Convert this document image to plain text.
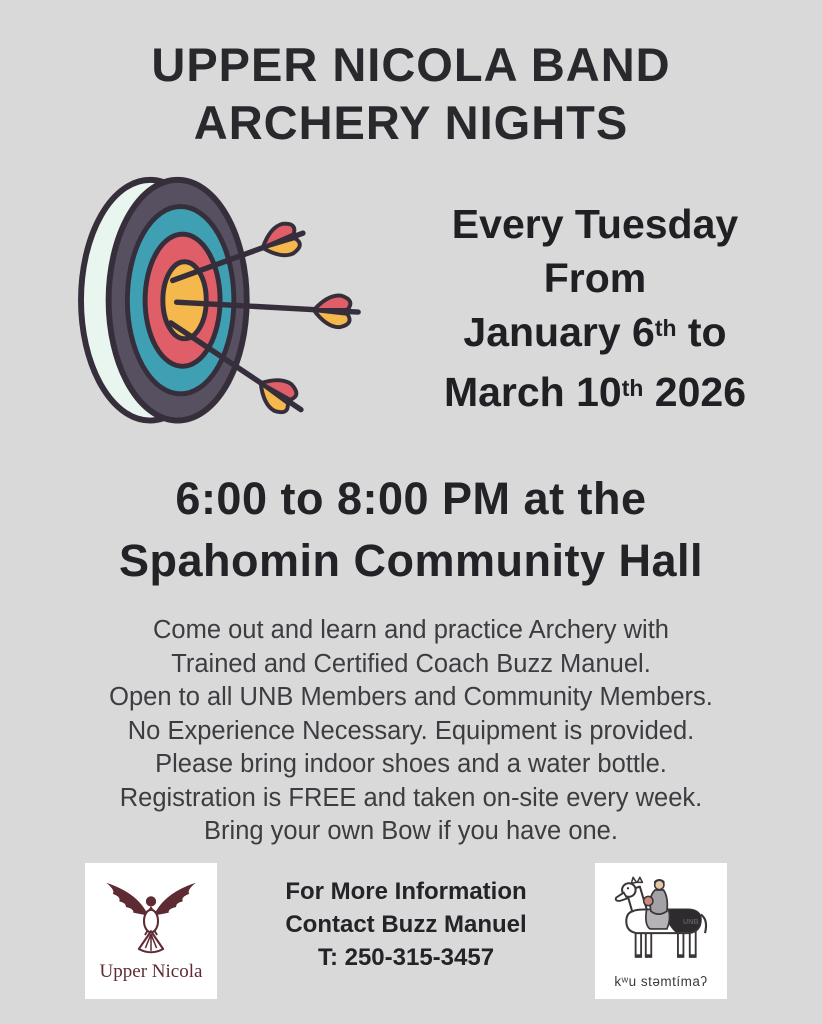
UPPER NICOLA BAND
ARCHERY NIGHTS
Every Tuesday
From
January 6th to
March 10th 2026
6:00 to 8:00 PM at the
Spahomin Community Hall
Come out and learn and practice Archery with
Trained and Certified Coach Buzz Manuel.
Open to all UNB Members and Community Members.
No Experience Necessary. Equipment is provided.
Please bring indoor shoes and a water bottle.
Registration is FREE and taken on-site every week.
Bring your own Bow if you have one.
Upper Nicola
For More Information
Contact Buzz Manuel
T: 250-315-3457
UNB
kʷu stəmtímaʔ
